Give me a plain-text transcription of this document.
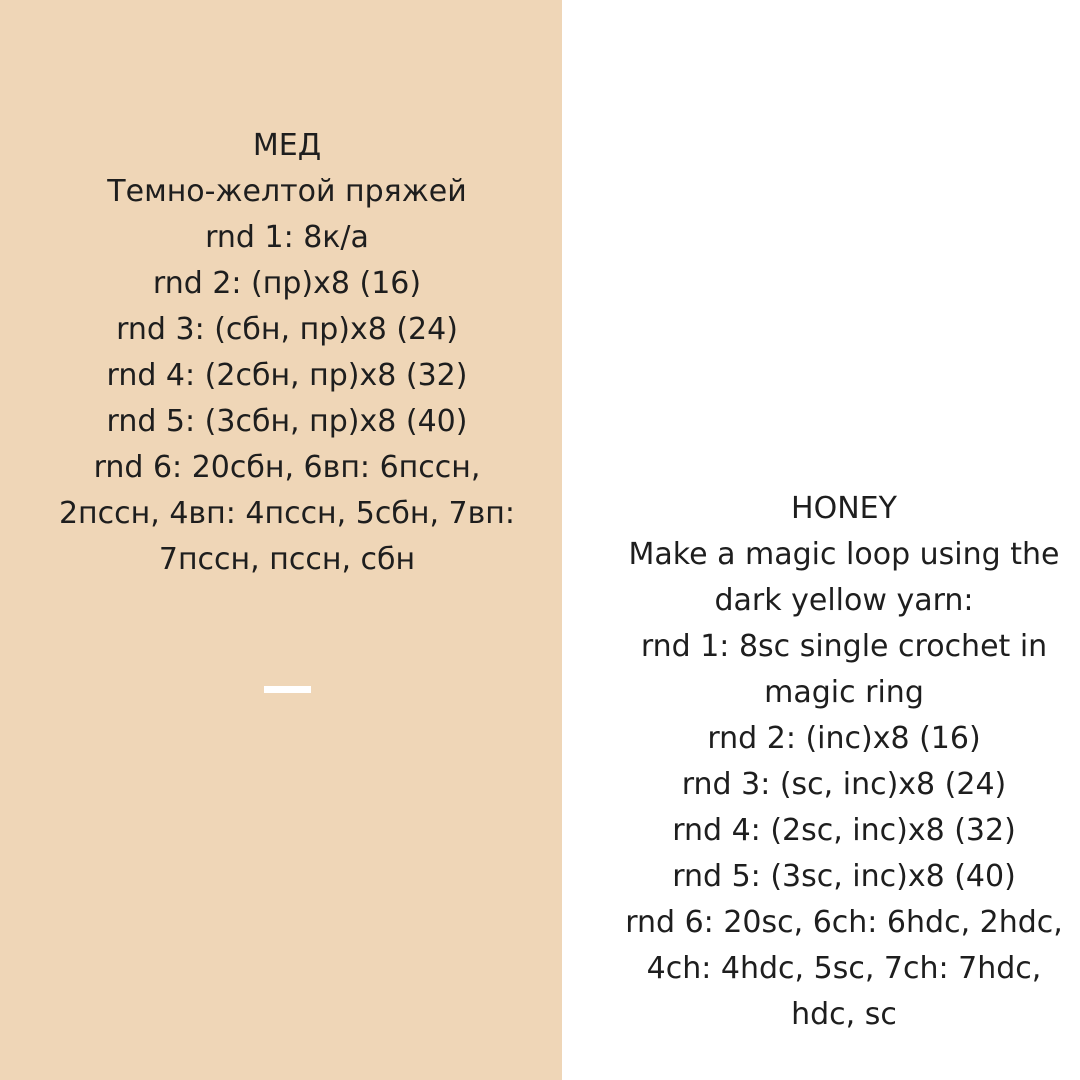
МЕД
Темно-желтой пряжей
rnd 1: 8к/а
rnd 2: (пр)x8 (16)
rnd 3: (сбн, пр)x8 (24)
rnd 4: (2сбн, пр)x8 (32)
rnd 5: (3сбн, пр)x8 (40)
rnd 6: 20сбн, 6вп: 6пссн,
2пссн, 4вп: 4пссн, 5сбн, 7вп:
7пссн, пссн, сбн
HONEY
Make a magic loop using the
dark yellow yarn:
rnd 1: 8sc single crochet in
magic ring
rnd 2: (inc)x8 (16)
rnd 3: (sc, inc)x8 (24)
rnd 4: (2sc, inc)x8 (32)
rnd 5: (3sc, inc)x8 (40)
rnd 6: 20sc, 6ch: 6hdc, 2hdc,
4ch: 4hdc, 5sc, 7ch: 7hdc,
hdc, sc
